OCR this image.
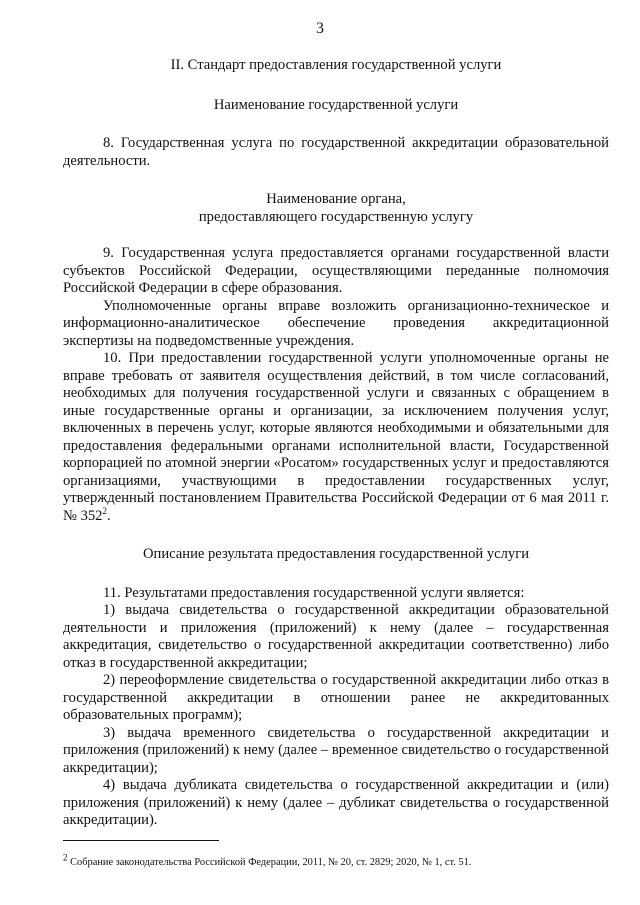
3
II. Стандарт предоставления государственной услуги
Наименование государственной услуги

8. Государственная услуга по государственной аккредитации образовательной деятельности.

Наименование органа,
предоставляющего государственную услугу

9. Государственная услуга предоставляется органами государственной власти субъектов Российской Федерации, осуществляющими переданные полномочия Российской Федерации в сфере образования.

Уполномоченные органы вправе возложить организационно-техническое и информационно-аналитическое обеспечение проведения аккредитационной экспертизы на подведомственные учреждения.

10. При предоставлении государственной услуги уполномоченные органы не вправе требовать от заявителя осуществления действий, в том числе согласований, необходимых для получения государственной услуги и связанных с обращением в иные государственные органы и организации, за исключением получения услуг, включенных в перечень услуг, которые являются необходимыми и обязательными для предоставления федеральными органами исполнительной власти, Государственной корпорацией по атомной энергии «Росатом» государственных услуг и предоставляются организациями, участвующими в предоставлении государственных услуг, утвержденный постановлением Правительства Российской Федерации от 6 мая 2011 г. № $352^2$.

Описание результата предоставления государственной услуги

11. Результатами предоставления государственной услуги является:

1) выдача свидетельства о государственной аккредитации образовательной деятельности и приложения (приложений) к нему (далее – государственная аккредитация, свидетельство о государственной аккредитации соответственно) либо отказ в государственной аккредитации;

2) переоформление свидетельства о государственной аккредитации либо отказ в государственной аккредитации в отношении ранее не аккредитованных образовательных программ);

3) выдача временного свидетельства о государственной аккредитации и приложения (приложений) к нему (далее – временное свидетельство о государственной аккредитации);

4) выдача дубликата свидетельства о государственной аккредитации и (или) приложения (приложений) к нему (далее – дубликат свидетельства о государственной аккредитации).

$^2$ Собрание законодательства Российской Федерации, 2011, № 20, ст. 2829; 2020, № 1, ст. 51.
